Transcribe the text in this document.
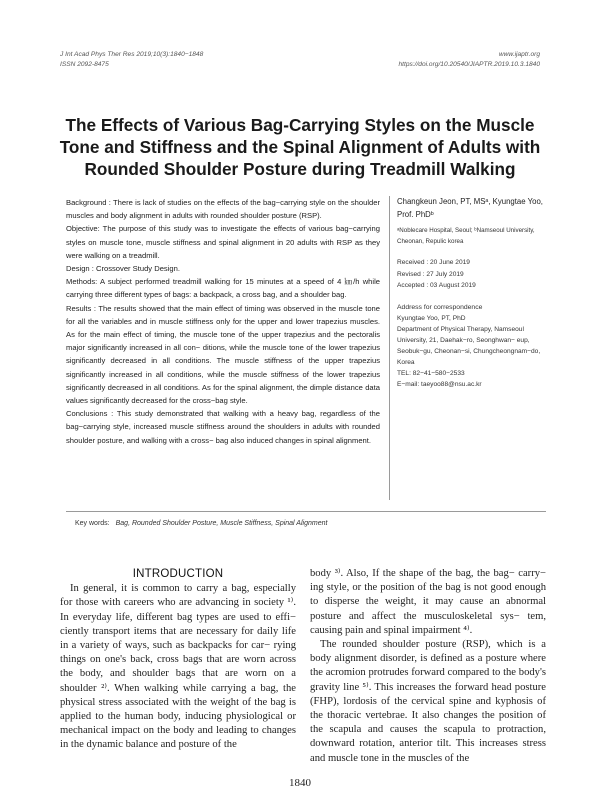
J Int Acad Phys Ther Res 2019;10(3):1840−1848
ISSN 2092-8475
www.ijaptr.org
https://doi.org/10.20540/JIAPTR.2019.10.3.1840
The Effects of Various Bag-Carrying Styles on the Muscle Tone and Stiffness and the Spinal Alignment of Adults with Rounded Shoulder Posture during Treadmill Walking

Background : There is lack of studies on the effects of the bag−carrying style on the shoulder muscles and body alignment in adults with rounded shoulder posture (RSP).

Objective: The purpose of this study was to investigate the effects of various bag−carrying styles on muscle tone, muscle stiffness and spinal alignment in 20 adults with RSP as they were walking on a treadmill.

Design : Crossover Study Design.

Methods: A subject performed treadmill walking for 15 minutes at a speed of 4 ㎞/h while carrying three different types of bags: a backpack, a cross bag, and a shoulder bag.

Results : The results showed that the main effect of timing was observed in the muscle tone for all the variables and in muscle stiffness only for the upper and lower trapezius muscles. As for the main effect of timing, the muscle tone of the upper trapezius and the pectoralis major significantly increased in all con− ditions, while the muscle tone of the lower trapezius significantly decreased in all conditions. The muscle stiffness of the upper trapezius significantly increased in all conditions, while the muscle stiffness of the lower trapezius significantly decreased in all conditions. As for the spinal alignment, the dimple distance data values significantly decreased for the cross−bag style.

Conclusions : This study demonstrated that walking with a heavy bag, regardless of the bag−carrying style, increased muscle stiffness around the shoulders in adults with rounded shoulder posture, and walking with a cross− bag also induced changes in spinal alignment.

Changkeun Jeon, PT, MSᵃ, Kyungtae Yoo, Prof. PhDᵇ

ᵃNoblecare Hospital, Seoul; ᵇNamseoul University, Cheonan, Repulic korea

Received : 20 June 2019
Revised : 27 July 2019
Accepted : 03 August 2019
Address for correspondence
Kyungtae Yoo, PT, PhD
Department of Physical Therapy, Namseoul University, 21, Daehak−ro, Seonghwan− eup, Seobuk−gu, Cheonan−si, Chungcheongnam−do, Korea
TEL: 82−41−580−2533
E−mail: taeyoo88@nsu.ac.kr
Key words: Bag, Rounded Shoulder Posture, Muscle Stiffness, Spinal Alignment
INTRODUCTION

In general, it is common to carry a bag, especially for those with careers who are advancing in society ¹⁾. In everyday life, different bag types are used to effi− ciently transport items that are necessary for daily life in a variety of ways, such as backpacks for car− rying things on one's back, cross bags that are worn across the body, and shoulder bags that are worn on a shoulder ²⁾. When walking while carrying a bag, the physical stress associated with the weight of the bag is applied to the human body, inducing physiological or mechanical impact on the body and leading to changes in the dynamic balance and posture of the

body ³⁾. Also, If the shape of the bag, the bag− carry− ing style, or the position of the bag is not good enough to disperse the weight, it may cause an abnormal posture and affect the musculoskeletal sys− tem, causing pain and spinal impairment ⁴⁾.

The rounded shoulder posture (RSP), which is a body alignment disorder, is defined as a posture where the acromion protrudes forward compared to the body's gravity line ⁵⁾. This increases the forward head posture (FHP), lordosis of the cervical spine and kyphosis of the thoracic vertebrae. It also changes the position of the scapula and causes the scapula to protraction, downward rotation, anterior tilt. This increases stress and muscle tone in the muscles of the

1840
